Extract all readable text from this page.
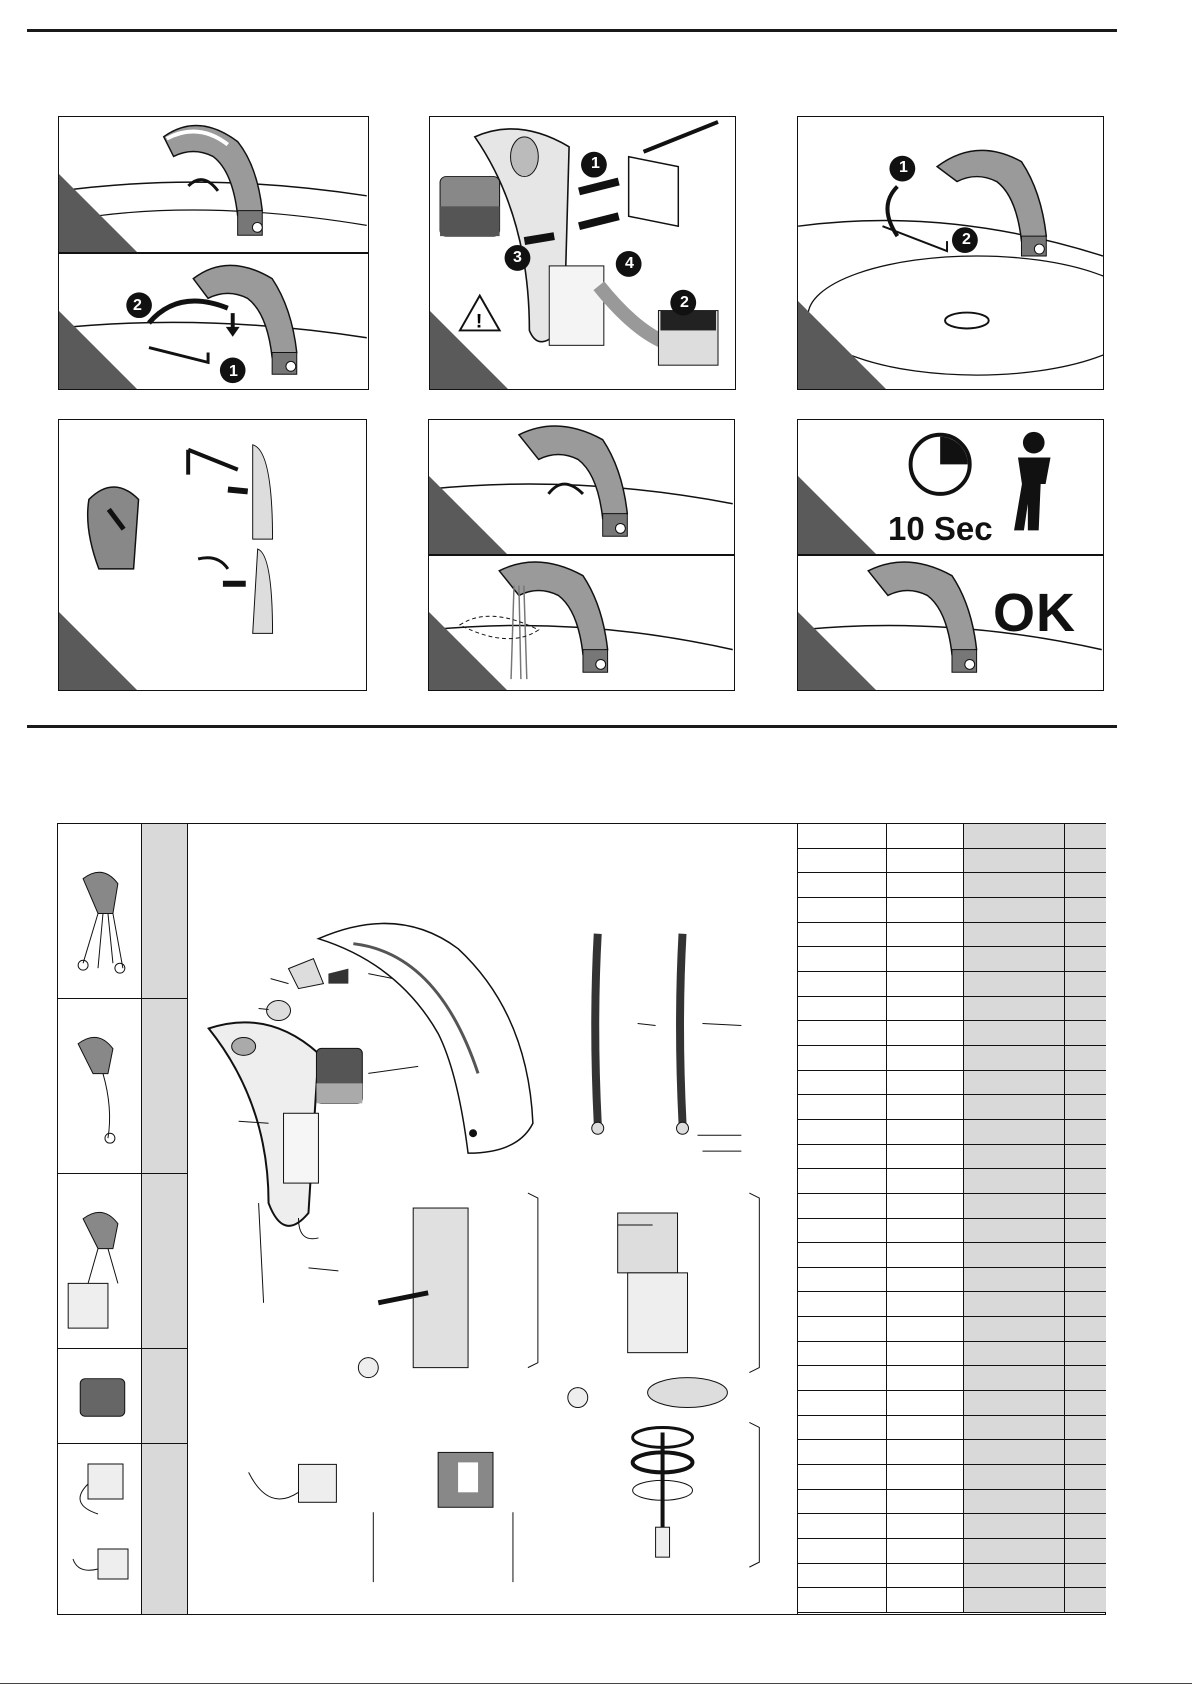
2
1
!
1
2
3	4
1
2
10 Sec
OK
